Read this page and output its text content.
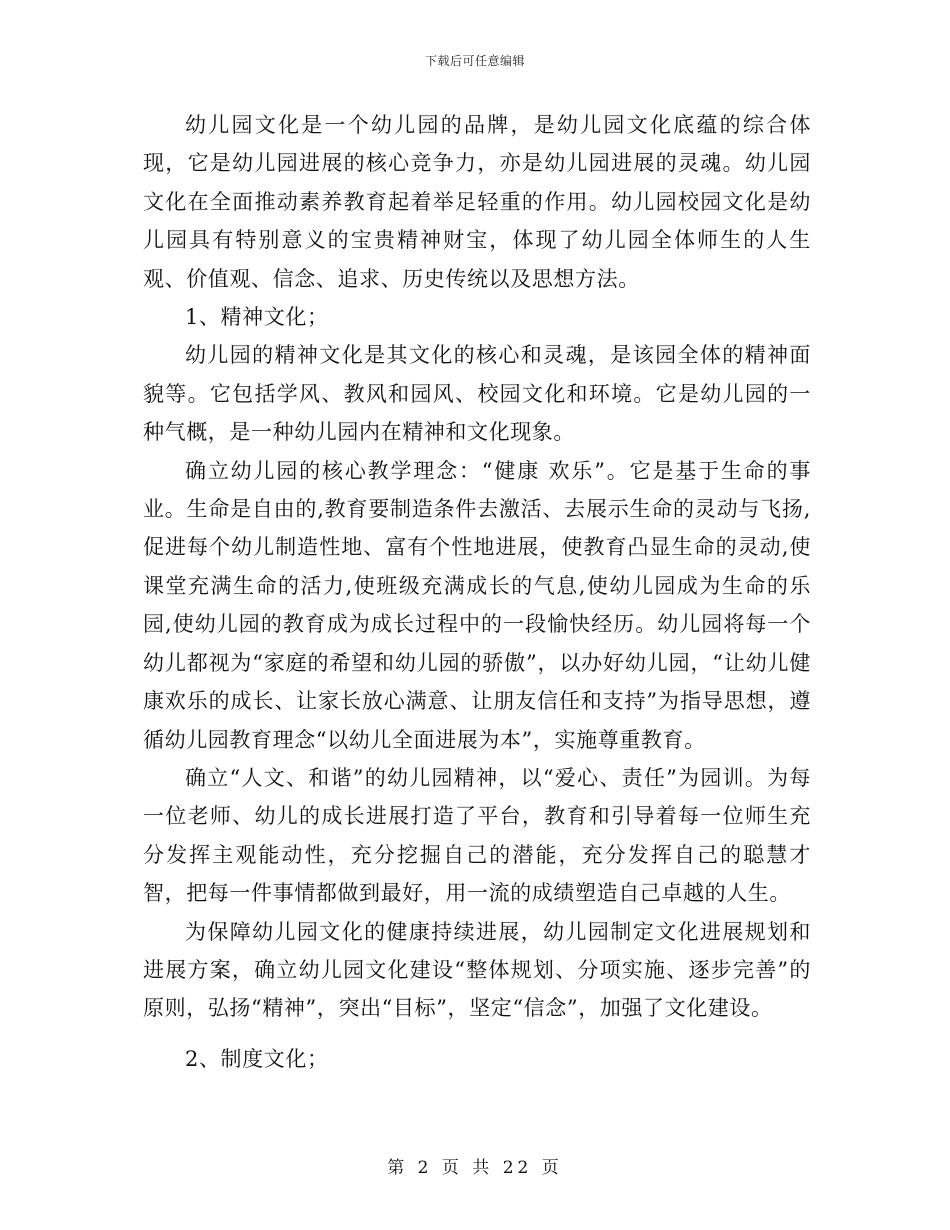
下载后可任意编辑

幼儿园文化是一个幼儿园的品牌，是幼儿园文化底蕴的综合体现，它是幼儿园进展的核心竞争力，亦是幼儿园进展的灵魂。幼儿园文化在全面推动素养教育起着举足轻重的作用。幼儿园校园文化是幼儿园具有特别意义的宝贵精神财宝，体现了幼儿园全体师生的人生观、价值观、信念、追求、历史传统以及思想方法。

1、精神文化；

幼儿园的精神文化是其文化的核心和灵魂，是该园全体的精神面貌等。它包括学风、教风和园风、校园文化和环境。它是幼儿园的一种气概，是一种幼儿园内在精神和文化现象。

确立幼儿园的核心教学理念：“健康 欢乐”。它是基于生命的事业。生命是自由的,教育要制造条件去激活、去展示生命的灵动与飞扬,促进每个幼儿制造性地、富有个性地进展，使教育凸显生命的灵动,使课堂充满生命的活力,使班级充满成长的气息,使幼儿园成为生命的乐园,使幼儿园的教育成为成长过程中的一段愉快经历。幼儿园将每一个幼儿都视为“家庭的希望和幼儿园的骄傲”，以办好幼儿园，“让幼儿健康欢乐的成长、让家长放心满意、让朋友信任和支持”为指导思想，遵循幼儿园教育理念“以幼儿全面进展为本”，实施尊重教育。

确立“人文、和谐”的幼儿园精神，以“爱心、责任”为园训。为每一位老师、幼儿的成长进展打造了平台，教育和引导着每一位师生充分发挥主观能动性，充分挖掘自己的潜能，充分发挥自己的聪慧才智，把每一件事情都做到最好，用一流的成绩塑造自己卓越的人生。

为保障幼儿园文化的健康持续进展，幼儿园制定文化进展规划和进展方案，确立幼儿园文化建设“整体规划、分项实施、逐步完善”的原则，弘扬“精神”，突出“目标”，坚定“信念”，加强了文化建设。

2、制度文化；

第 2 页 共 22 页
